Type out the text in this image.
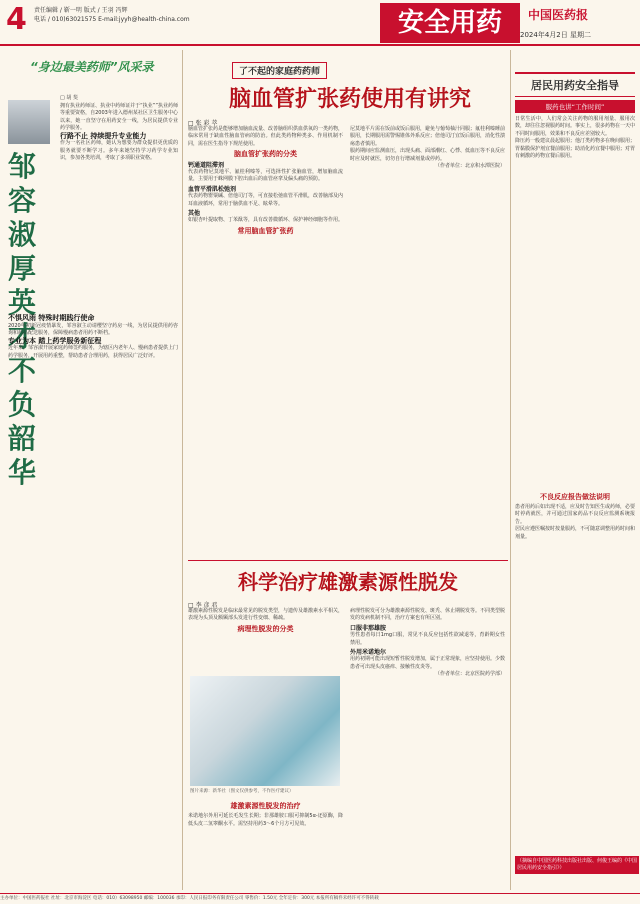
4 责任编辑 / 靳一明 版式 / 王羽 冯辉
电话 / 010)63021575 E-mail:jyyh@health-china.com	安全用药	中国医药报
2024年4月2日 星期二
“身边最美药师”风采录
邹 容 淑 厚 英 才 不 负 韶 华
□ 胡 斐
拥有执业药师证、执业中药师证并于“执业””执业药师等重要资格，自2003年进入德州某社区卫生服务中心以来，她一直坚守在用药安全一线，为居民提供专业药学服务。
行路不止 持续提升专业能力
作为一名社区药师，她认为想要为群众提供更优质的服务就要不断学习。多年来她坚持学习药学专业知识，参加各类培训，考取了多项职业资格。
不惧风雨 特殊时期践行使命
2020年初新冠疫情暴发，邹容淑主动请缨坚守药房一线，为居民提供用药咨询和药品配送服务，保障慢病患者用药不断档。
专业为本 踏上药学服务新征程
近年来，邹容淑开展家庭药师签约服务，为辖区内老年人、慢病患者提供上门药学服务，开展用药重整，帮助患者合理用药，获得居民广泛好评。
了不起的家庭药药师
脑血管扩张药使用有讲究
□ 张 彩 萃
脑血管扩张药是能够增加脑血流量、改善脑组织供血供氧的一类药物，临床常用于缺血性脑血管病的防治。但此类药物种类多、作用机制不同，需在医生指导下规范使用。
脑血管扩张药的分类
钙通道阻滞剂
代表药物尼莫地平、氟桂利嗪等，可选择性扩张脑血管，增加脑血流量，主要用于蛛网膜下腔出血后的血管痉挛及偏头痛的预防。
血管平滑肌松弛剂
代表药物罂粟碱、倍他司汀等，可直接松弛血管平滑肌，改善脑部及内耳血液循环，常用于脑供血不足、眩晕等。
其他
如银杏叶提取物、丁苯酞等，具有改善微循环、保护神经细胞等作用。
常用脑血管扩张药
尼莫地平片需在饭前或饭后服用，避免与葡萄柚汁同服；氟桂利嗪睡前服用，长期服用需警惕锥体外系反应；倍他司汀宜饭后服用，消化性溃疡患者慎用。
服药期间应监测血压，出现头痛、面部潮红、心悸、低血压等不良反应时应及时就医，切勿自行增减剂量或停药。
（作者单位：北京积水潭医院）
科学治疗雄激素源性脱发
□ 李 彦 君
雄激素源性脱发是临床最常见的脱发类型，与遗传及雄激素水平相关，表现为头顶及额颞部头发进行性变细、稀疏。
病理性脱发的分类
图片来源：新华社（图文仅供参考，不作医疗建议）
雄激素源性脱发的治疗
米诺地尔外用可延长毛发生长期；非那雄胺口服可抑制5α-还原酶，降低头皮二氢睾酮水平。需坚持用药3～6个月方可见效。
病理性脱发可分为雄激素源性脱发、斑秃、休止期脱发等。不同类型脱发的发病机制不同，治疗方案也有所区别。
口服非那雄胺
男性患者每日1mg口服，常见不良反应包括性欲减退等，育龄期女性禁用。
外用米诺地尔
用药初期可能出现短暂性脱发增加，属于正常现象，应坚持使用。少数患者可出现头皮瘙痒、接触性皮炎等。
（作者单位：北京医院药学部）
居民用药安全指导
服药也讲“工作时间”
日常生活中，人们常会关注药物的服用剂量、服用次数，却往往忽视服药时间。事实上，很多药物在一天中不同时间服用，效果和不良反应差别较大。
降压药一般建议晨起服用；他汀类药物多在晚间服用；胃黏膜保护剂宜餐前服用；助消化药宜餐中服用；对胃有刺激的药物宜餐后服用。
不良反应报告做法说明
患者用药后如出现不适，应及时告知医生或药师，必要时停药就医，并可通过国家药品不良反应监测系统报告。
居民应遵医嘱按时按量服药，不可随意调整用药时间和剂量。
（摘编自中国医药科技出版社出版、何俊王编的《中国居民用药安全指引》）
主办单位：中国医药报社 社址：北京市海淀区 电话：010）63098950 邮编：100036 承印：人民日报印务有限责任公司 零售价：1.50元 全年定价：300元 本报所有稿件未经许可不得转载
